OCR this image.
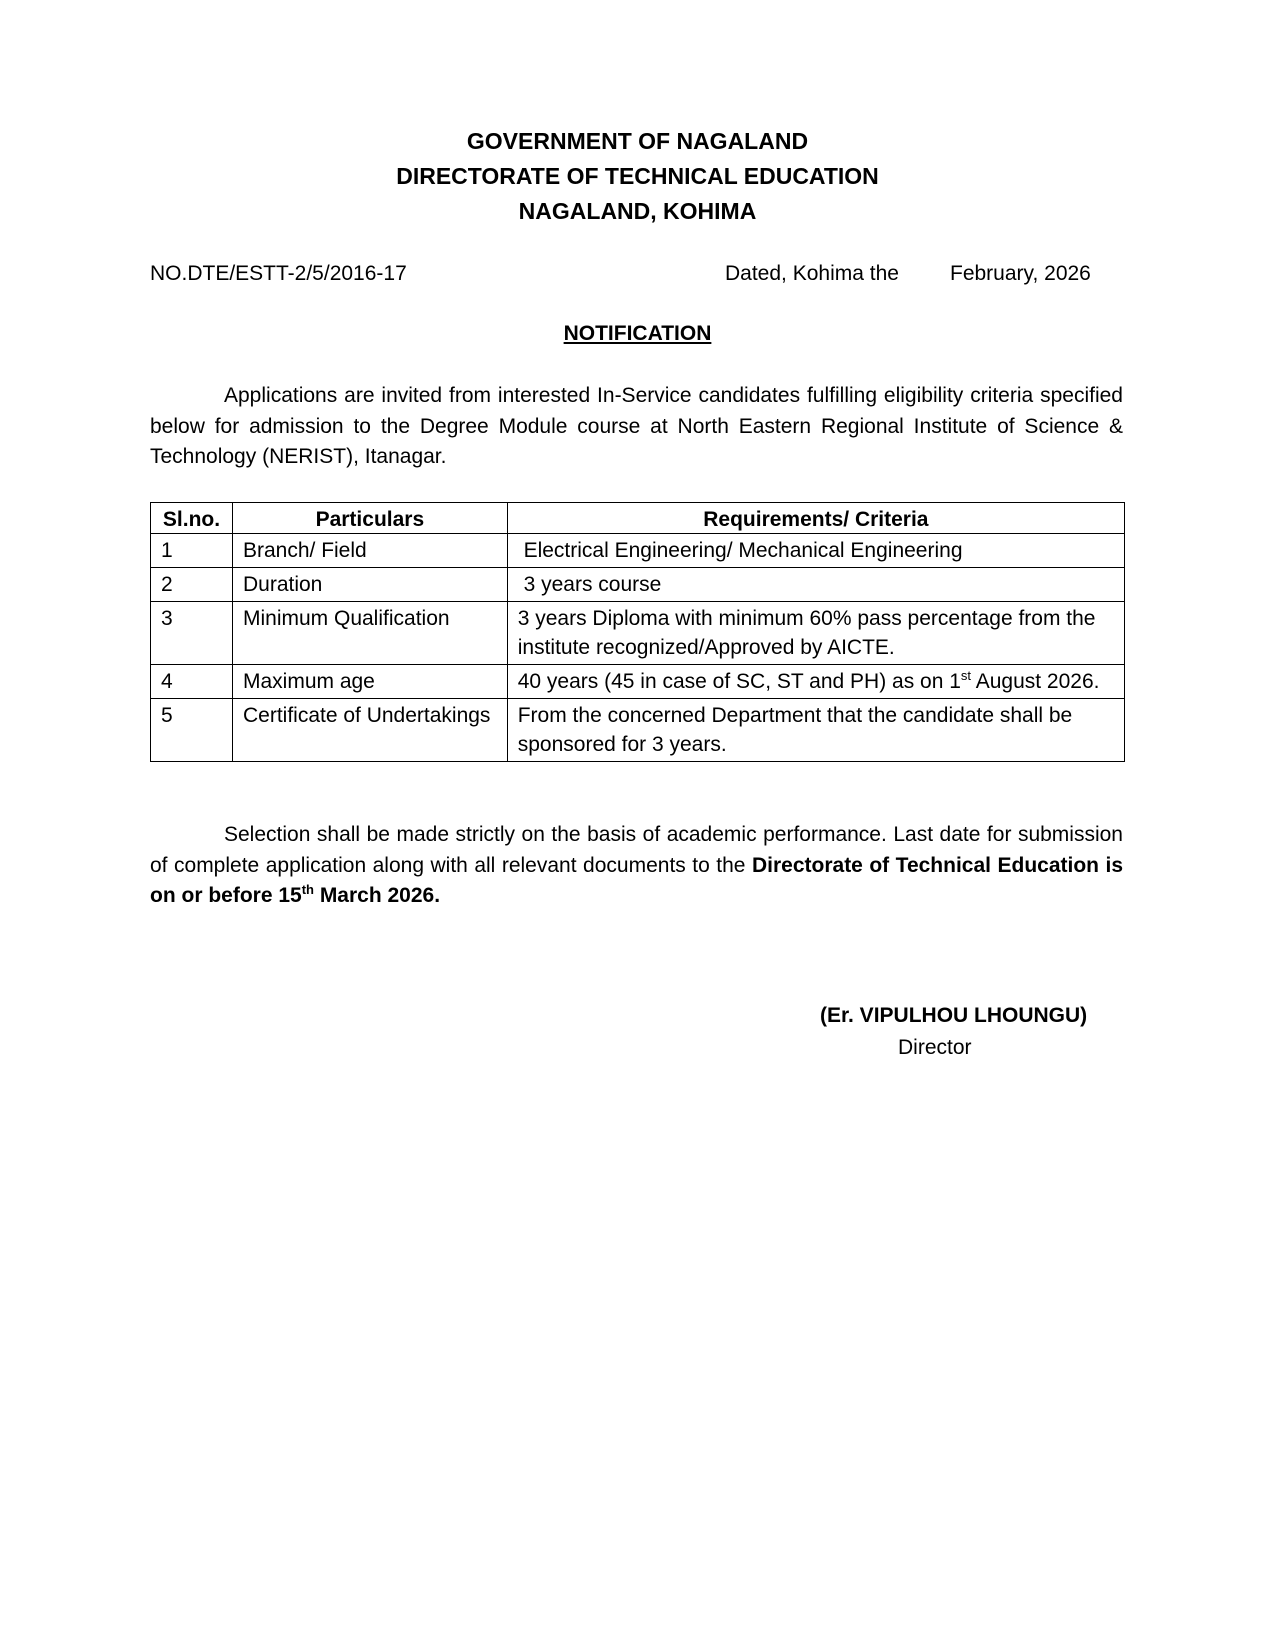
GOVERNMENT OF NAGALAND
DIRECTORATE OF TECHNICAL EDUCATION
NAGALAND, KOHIMA
NO.DTE/ESTT-2/5/2016-17	Dated, Kohima the February, 2026
NOTIFICATION
Applications are invited from interested In-Service candidates fulfilling eligibility criteria specified below for admission to the Degree Module course at North Eastern Regional Institute of Science & Technology (NERIST), Itanagar.
Sl.no.	Particulars	Requirements/ Criteria
1	Branch/ Field	Electrical Engineering/ Mechanical Engineering
2	Duration	3 years course
3	Minimum Qualification	3 years Diploma with minimum 60% pass percentage from the institute recognized/Approved by AICTE.
4	Maximum age	40 years (45 in case of SC, ST and PH) as on 1st August 2026.
5	Certificate of Undertakings	From the concerned Department that the candidate shall be sponsored for 3 years.
Selection shall be made strictly on the basis of academic performance. Last date for submission of complete application along with all relevant documents to the Directorate of Technical Education is on or before 15th March 2026.
(Er. VIPULHOU LHOUNGU)
Director
